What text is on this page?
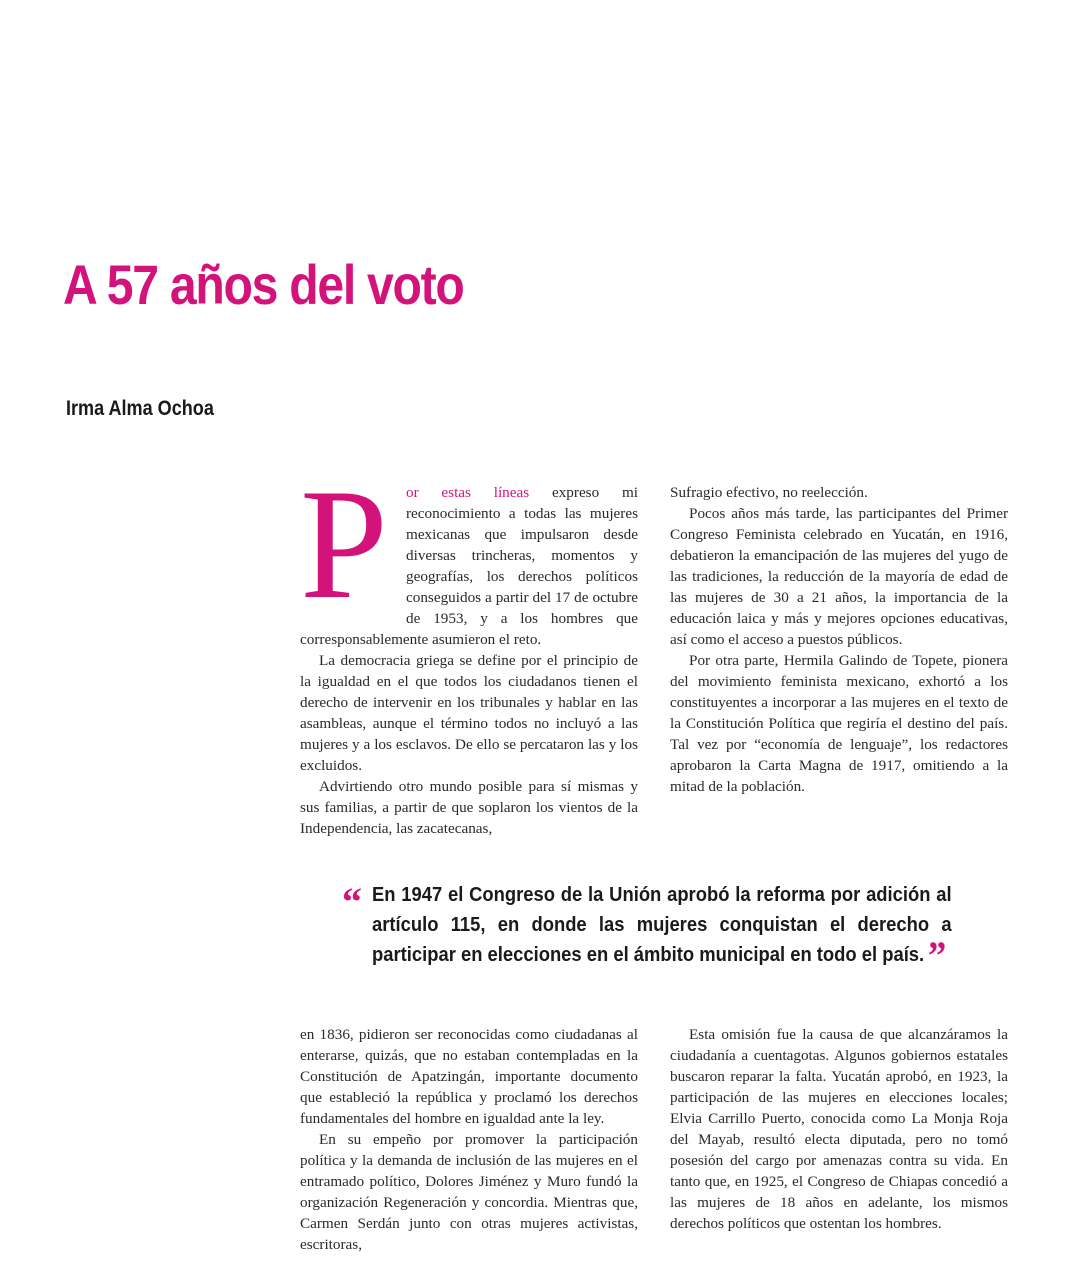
A 57 años del voto
Irma Alma Ochoa

P	or estas líneas expreso mi reconocimiento a todas las mujeres mexicanas que impulsaron desde diversas trincheras, momentos y geografías, los derechos políticos conseguidos a partir del 17 de octubre de 1953, y a los hombres que corresponsablemente asumieron el reto.

La democracia griega se define por el principio de la igualdad en el que todos los ciudadanos tienen el derecho de intervenir en los tribunales y hablar en las asambleas, aunque el término todos no incluyó a las mujeres y a los esclavos. De ello se percataron las y los excluidos.

Advirtiendo otro mundo posible para sí mismas y sus familias, a partir de que soplaron los vientos de la Independencia, las zacatecanas,

Sufragio efectivo, no reelección.

Pocos años más tarde, las participantes del Primer Congreso Feminista celebrado en Yucatán, en 1916, debatieron la emancipación de las mujeres del yugo de las tradiciones, la reducción de la mayoría de edad de las mujeres de 30 a 21 años, la importancia de la educación laica y más y mejores opciones educativas, así como el acceso a puestos públicos.

Por otra parte, Hermila Galindo de Topete, pionera del movimiento feminista mexicano, exhortó a los constituyentes a incorporar a las mujeres en el texto de la Constitución Política que regiría el destino del país. Tal vez por “economía de lenguaje”, los redactores aprobaron la Carta Magna de 1917, omitiendo a la mitad de la población.

“ En 1947 el Congreso de la Unión aprobó la reforma por adición al artículo 115, en donde las mujeres conquistan el derecho a participar en elecciones en el ámbito municipal en todo el país.”

en 1836, pidieron ser reconocidas como ciudadanas al enterarse, quizás, que no estaban contempladas en la Constitución de Apatzingán, importante documento que estableció la república y proclamó los derechos fundamentales del hombre en igualdad ante la ley.

En su empeño por promover la participación política y la demanda de inclusión de las mujeres en el entramado político, Dolores Jiménez y Muro fundó la organización Regeneración y concordia. Mientras que, Carmen Serdán junto con otras mujeres activistas, escritoras,

Esta omisión fue la causa de que alcanzáramos la ciudadanía a cuentagotas. Algunos gobiernos estatales buscaron reparar la falta. Yucatán aprobó, en 1923, la participación de las mujeres en elecciones locales; Elvia Carrillo Puerto, conocida como La Monja Roja del Mayab, resultó electa diputada, pero no tomó posesión del cargo por amenazas contra su vida. En tanto que, en 1925, el Congreso de Chiapas concedió a las mujeres de 18 años en adelante, los mismos derechos políticos que ostentan los hombres.
